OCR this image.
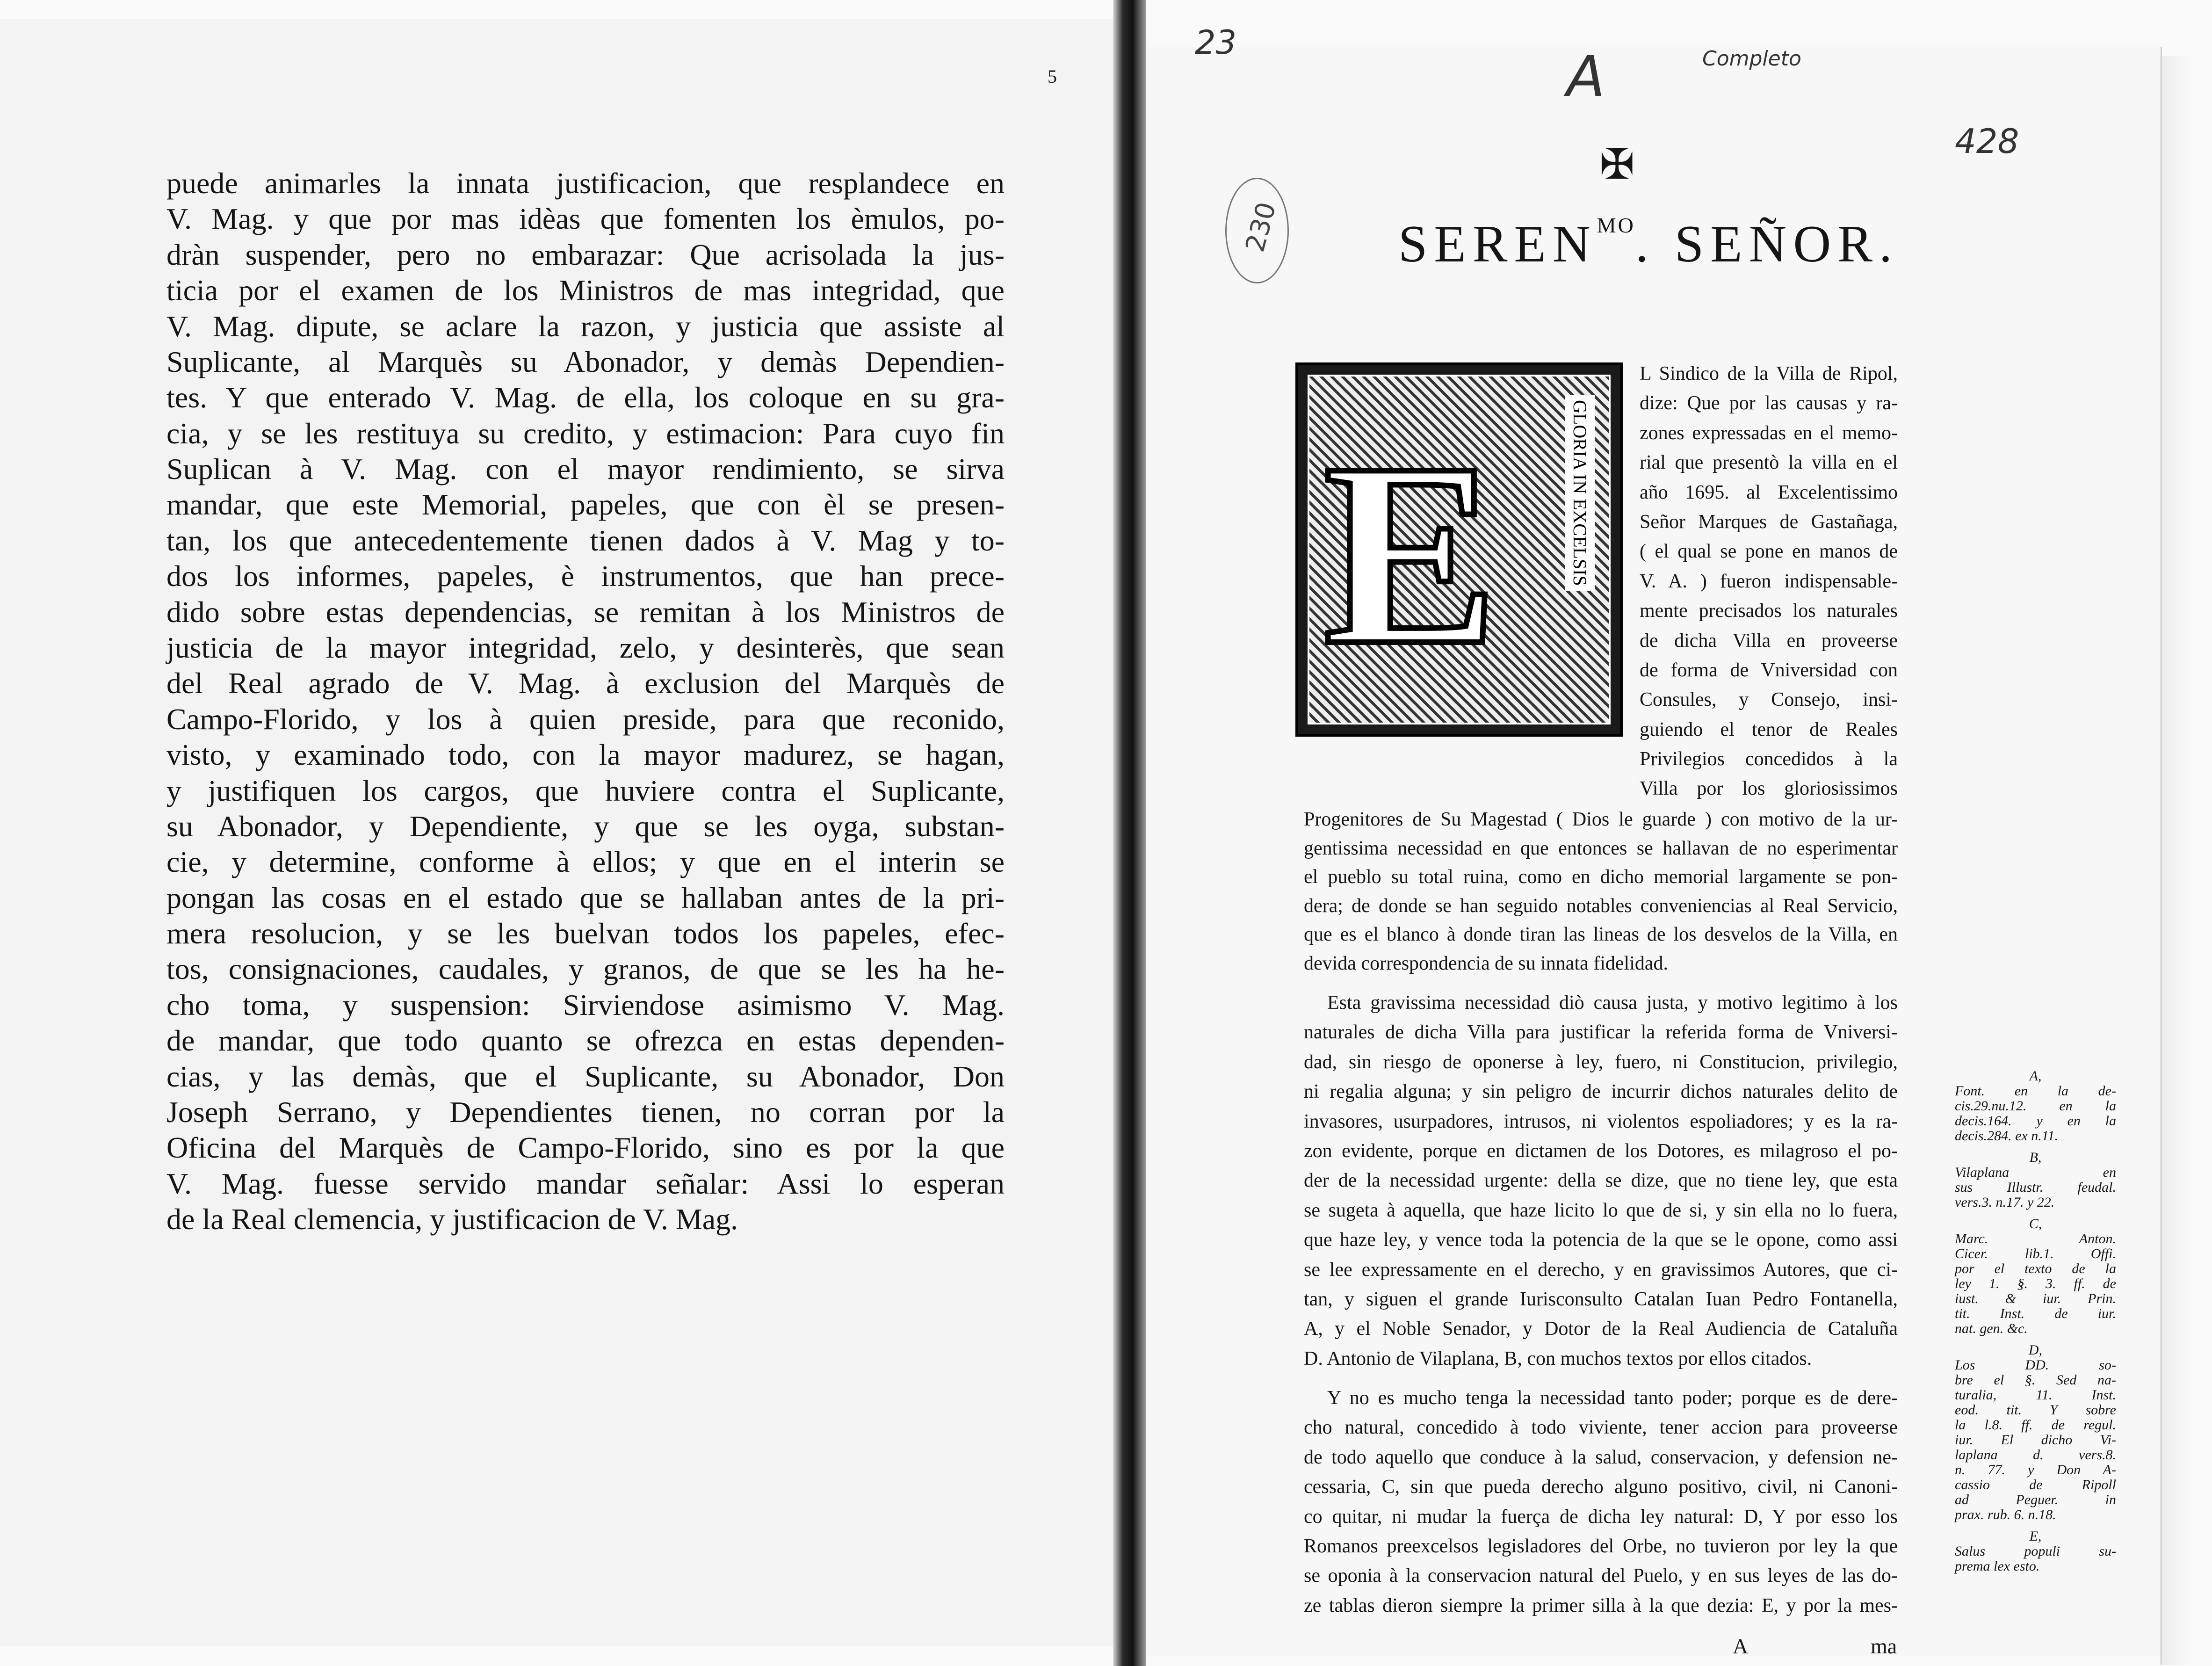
5
puede animarles la innata justificacion, que resplandece en
V. Mag. y que por mas idèas que fomenten los èmulos, po-
dràn suspender, pero no embarazar: Que acrisolada la jus-
ticia por el examen de los Ministros de mas integridad, que
V. Mag. dipute, se aclare la razon, y justicia que assiste al
Suplicante, al Marquès su Abonador, y demàs Dependien-
tes. Y que enterado V. Mag. de ella, los coloque en su gra-
cia, y se les restituya su credito, y estimacion: Para cuyo fin
Suplican à V. Mag. con el mayor rendimiento, se sirva
mandar, que este Memorial, papeles, que con èl se presen-
tan, los que antecedentemente tienen dados à V. Mag y to-
dos los informes, papeles, è instrumentos, que han prece-
dido sobre estas dependencias, se remitan à los Ministros de
justicia de la mayor integridad, zelo, y desinterès, que sean
del Real agrado de V. Mag. à exclusion del Marquès de
Campo-Florido, y los à quien preside, para que reconido,
visto, y examinado todo, con la mayor madurez, se hagan,
y justifiquen los cargos, que huviere contra el Suplicante,
su Abonador, y Dependiente, y que se les oyga, substan-
cie, y determine, conforme à ellos; y que en el interin se
pongan las cosas en el estado que se hallaban antes de la pri-
mera resolucion, y se les buelvan todos los papeles, efec-
tos, consignaciones, caudales, y granos, de que se les ha he-
cho toma, y suspension: Sirviendose asimismo V. Mag.
de mandar, que todo quanto se ofrezca en estas dependen-
cias, y las demàs, que el Suplicante, su Abonador, Don
Joseph Serrano, y Dependientes tienen, no corran por la
Oficina del Marquès de Campo-Florido, sino es por la que
V. Mag. fuesse servido mandar señalar: Assi lo esperan
de la Real clemencia, y justificacion de V. Mag.
23
A	Completo
428
230
✠
$SEREN^{MO}$. SEÑOR.
E	GLORIA IN EXCELSIS
L Sindico de la Villa de Ripol,
dize: Que por las causas y ra-
zones expressadas en el memo-
rial que presentò la villa en el
año 1695. al Excelentissimo
Señor Marques de Gastañaga,
( el qual se pone en manos de
V. A. ) fueron indispensable-
mente precisados los naturales
de dicha Villa en proveerse
de forma de Vniversidad con
Consules, y Consejo, insi-
guiendo el tenor de Reales
Privilegios concedidos à la
Villa por los gloriosissimos
Progenitores de Su Magestad ( Dios le guarde ) con motivo de la ur-
gentissima necessidad en que entonces se hallavan de no esperimentar
el pueblo su total ruina, como en dicho memorial largamente se pon-
dera; de donde se han seguido notables conveniencias al Real Servicio,
que es el blanco à donde tiran las lineas de los desvelos de la Villa, en
devida correspondencia de su innata fidelidad.
Esta gravissima necessidad diò causa justa, y motivo legitimo à los
naturales de dicha Villa para justificar la referida forma de Vniversi-
dad, sin riesgo de oponerse à ley, fuero, ni Constitucion, privilegio,
ni regalia alguna; y sin peligro de incurrir dichos naturales delito de
invasores, usurpadores, intrusos, ni violentos espoliadores; y es la ra-
zon evidente, porque en dictamen de los Dotores, es milagroso el po-
der de la necessidad urgente: della se dize, que no tiene ley, que esta
se sugeta à aquella, que haze licito lo que de si, y sin ella no lo fuera,
que haze ley, y vence toda la potencia de la que se le opone, como assi
se lee expressamente en el derecho, y en gravissimos Autores, que ci-
tan, y siguen el grande Iurisconsulto Catalan Iuan Pedro Fontanella,
A, y el Noble Senador, y Dotor de la Real Audiencia de Cataluña
D. Antonio de Vilaplana, B, con muchos textos por ellos citados.
Y no es mucho tenga la necessidad tanto poder; porque es de dere-
cho natural, concedido à todo viviente, tener accion para proveerse
de todo aquello que conduce à la salud, conservacion, y defension ne-
cessaria, C, sin que pueda derecho alguno positivo, civil, ni Canoni-
co quitar, ni mudar la fuerça de dicha ley natural: D, Y por esso los
Romanos preexcelsos legisladores del Orbe, no tuvieron por ley la que
se oponia à la conservacion natural del Puelo, y en sus leyes de las do-
ze tablas dieron siempre la primer silla à la que dezia: E, y por la mes-
A	ma
A,
Font. en la de-
cis.29.nu.12. en la
decis.164. y en la
decis.284. ex n.11.
B,
Vilaplana en
sus Illustr. feudal.
vers.3. n.17. y 22.
C,
Marc. Anton.
Cicer. lib.1. Offi.
por el texto de la
ley 1. §. 3. ff. de
iust. & iur. Prin.
tit. Inst. de iur.
nat. gen. &c.
D,
Los DD. so-
bre el §. Sed na-
turalia, 11. Inst.
eod. tit. Y sobre
la l.8. ff. de regul.
iur. El dicho Vi-
laplana d. vers.8.
n. 77. y Don A-
cassio de Ripoll
ad Peguer. in
prax. rub. 6. n.18.
E,
Salus populi su-
prema lex esto.
